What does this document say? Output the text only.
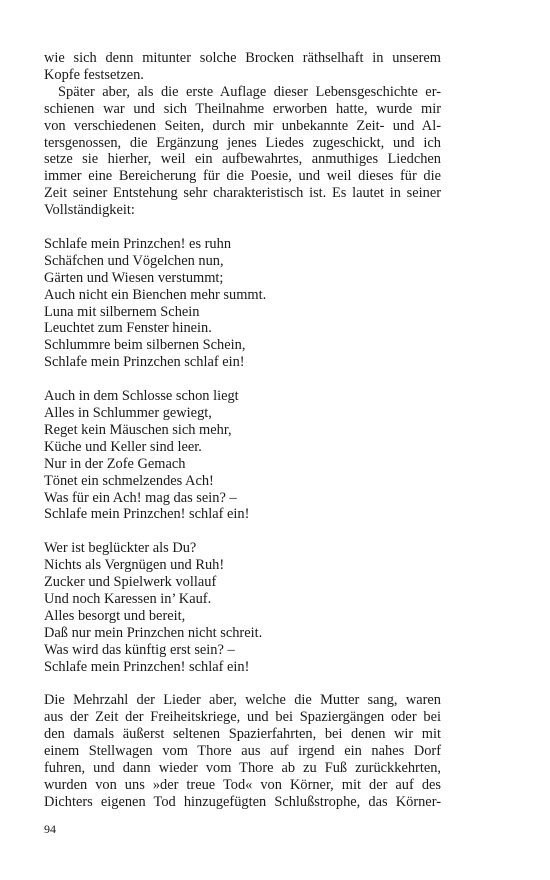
wie sich denn mitunter solche Brocken räthselhaft in unserem
Kopfe festsetzen.

Später aber, als die erste Auflage dieser Lebensgeschichte er-
schienen war und sich Theilnahme erworben hatte, wurde mir
von verschiedenen Seiten, durch mir unbekannte Zeit- und Al-
tersgenossen, die Ergänzung jenes Liedes zugeschickt, und ich
setze sie hierher, weil ein aufbewahrtes, anmuthiges Liedchen
immer eine Bereicherung für die Poesie, und weil dieses für die
Zeit seiner Entstehung sehr charakteristisch ist. Es lautet in seiner
Vollständigkeit:

Schlafe mein Prinzchen! es ruhn
Schäfchen und Vögelchen nun,
Gärten und Wiesen verstummt;
Auch nicht ein Bienchen mehr summt.
Luna mit silbernem Schein
Leuchtet zum Fenster hinein.
Schlummre beim silbernen Schein,
Schlafe mein Prinzchen schlaf ein!
Auch in dem Schlosse schon liegt
Alles in Schlummer gewiegt,
Reget kein Mäuschen sich mehr,
Küche und Keller sind leer.
Nur in der Zofe Gemach
Tönet ein schmelzendes Ach!
Was für ein Ach! mag das sein? –
Schlafe mein Prinzchen! schlaf ein!
Wer ist beglückter als Du?
Nichts als Vergnügen und Ruh!
Zucker und Spielwerk vollauf
Und noch Karessen in’ Kauf.
Alles besorgt und bereit,
Daß nur mein Prinzchen nicht schreit.
Was wird das künftig erst sein? –
Schlafe mein Prinzchen! schlaf ein!

Die Mehrzahl der Lieder aber, welche die Mutter sang, waren
aus der Zeit der Freiheitskriege, und bei Spaziergängen oder bei
den damals äußerst seltenen Spazierfahrten, bei denen wir mit
einem Stellwagen vom Thore aus auf irgend ein nahes Dorf
fuhren, und dann wieder vom Thore ab zu Fuß zurückkehrten,
wurden von uns »der treue Tod« von Körner, mit der auf des
Dichters eigenen Tod hinzugefügten Schlußstrophe, das Körner-

94
